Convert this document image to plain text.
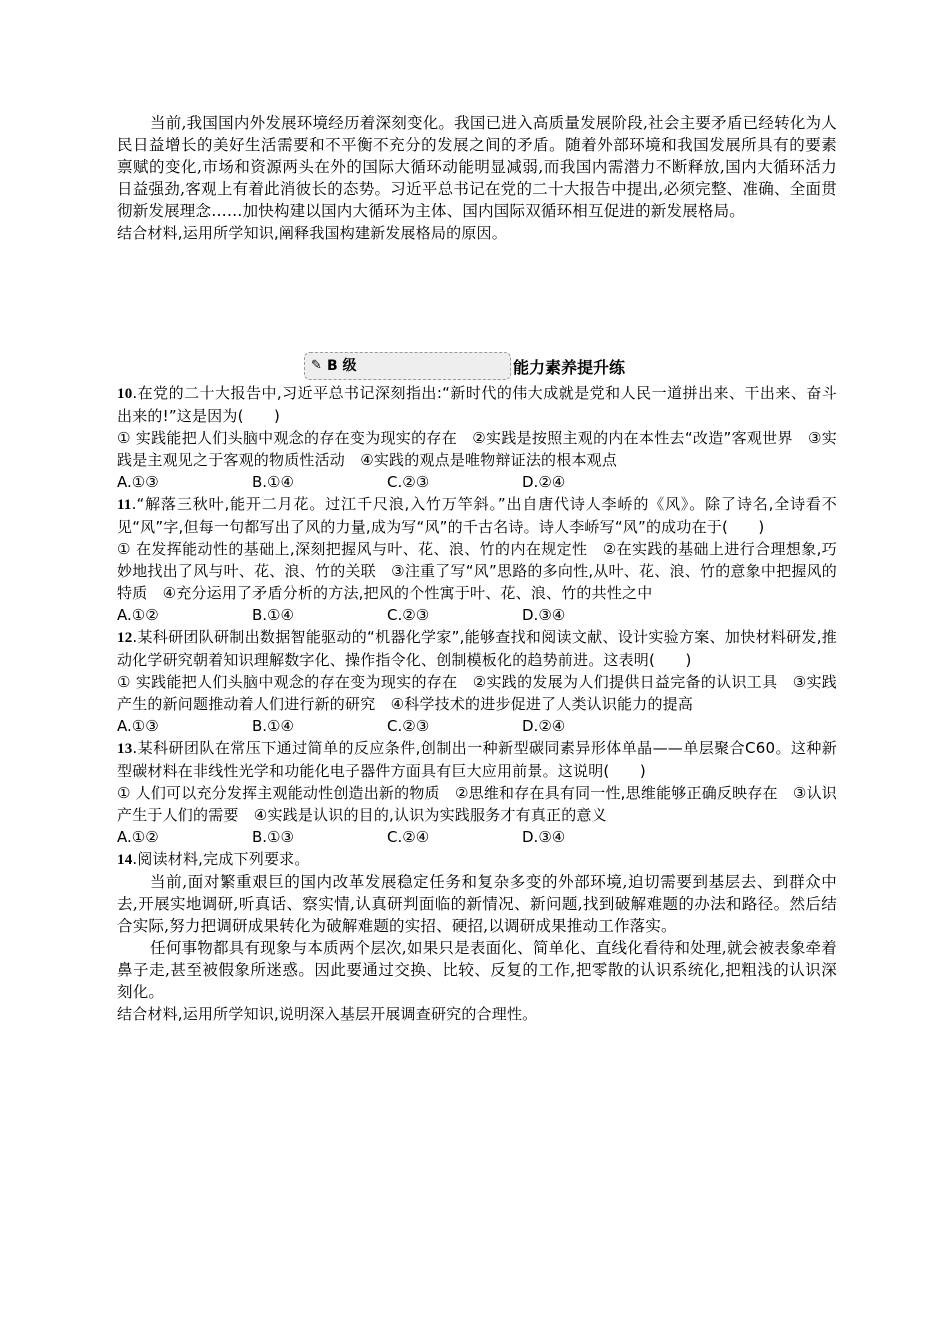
当前,我国国内外发展环境经历着深刻变化。我国已进入高质量发展阶段,社会主要矛盾已经转化为人民日益增长的美好生活需要和不平衡不充分的发展之间的矛盾。随着外部环境和我国发展所具有的要素禀赋的变化,市场和资源两头在外的国际大循环动能明显减弱,而我国内需潜力不断释放,国内大循环活力日益强劲,客观上有着此消彼长的态势。习近平总书记在党的二十大报告中提出,必须完整、准确、全面贯彻新发展理念……加快构建以国内大循环为主体、国内国际双循环相互促进的新发展格局。

结合材料,运用所学知识,阐释我国构建新发展格局的原因。

✎ B 级	能力素养提升练

10.在党的二十大报告中,习近平总书记深刻指出:“新时代的伟大成就是党和人民一道拼出来、干出来、奋斗出来的!”这是因为(　　)

① 实践能把人们头脑中观念的存在变为现实的存在　②实践是按照主观的内在本性去“改造”客观世界　③实践是主观见之于客观的物质性活动　④实践的观点是唯物辩证法的根本观点

A.①③	B.①④	C.②③	D.②④

11.“解落三秋叶,能开二月花。过江千尺浪,入竹万竿斜。”出自唐代诗人李峤的《风》。除了诗名,全诗看不见“风”字,但每一句都写出了风的力量,成为写“风”的千古名诗。诗人李峤写“风”的成功在于(　　)

① 在发挥能动性的基础上,深刻把握风与叶、花、浪、竹的内在规定性　②在实践的基础上进行合理想象,巧妙地找出了风与叶、花、浪、竹的关联　③注重了写“风”思路的多向性,从叶、花、浪、竹的意象中把握风的特质　④充分运用了矛盾分析的方法,把风的个性寓于叶、花、浪、竹的共性之中

A.①②	B.①④	C.②③	D.③④

12.某科研团队研制出数据智能驱动的“机器化学家”,能够查找和阅读文献、设计实验方案、加快材料研发,推动化学研究朝着知识理解数字化、操作指令化、创制模板化的趋势前进。这表明(　　)

① 实践能把人们头脑中观念的存在变为现实的存在　②实践的发展为人们提供日益完备的认识工具　③实践产生的新问题推动着人们进行新的研究　④科学技术的进步促进了人类认识能力的提高

A.①③	B.①④	C.②③	D.②④

13.某科研团队在常压下通过简单的反应条件,创制出一种新型碳同素异形体单晶——单层聚合C60。这种新型碳材料在非线性光学和功能化电子器件方面具有巨大应用前景。这说明(　　)

① 人们可以充分发挥主观能动性创造出新的物质　②思维和存在具有同一性,思维能够正确反映存在　③认识产生于人们的需要　④实践是认识的目的,认识为实践服务才有真正的意义

A.①②	B.①③	C.②④	D.③④

14.阅读材料,完成下列要求。

当前,面对繁重艰巨的国内改革发展稳定任务和复杂多变的外部环境,迫切需要到基层去、到群众中去,开展实地调研,听真话、察实情,认真研判面临的新情况、新问题,找到破解难题的办法和路径。然后结合实际,努力把调研成果转化为破解难题的实招、硬招,以调研成果推动工作落实。

任何事物都具有现象与本质两个层次,如果只是表面化、简单化、直线化看待和处理,就会被表象牵着鼻子走,甚至被假象所迷惑。因此要通过交换、比较、反复的工作,把零散的认识系统化,把粗浅的认识深刻化。

结合材料,运用所学知识,说明深入基层开展调查研究的合理性。
